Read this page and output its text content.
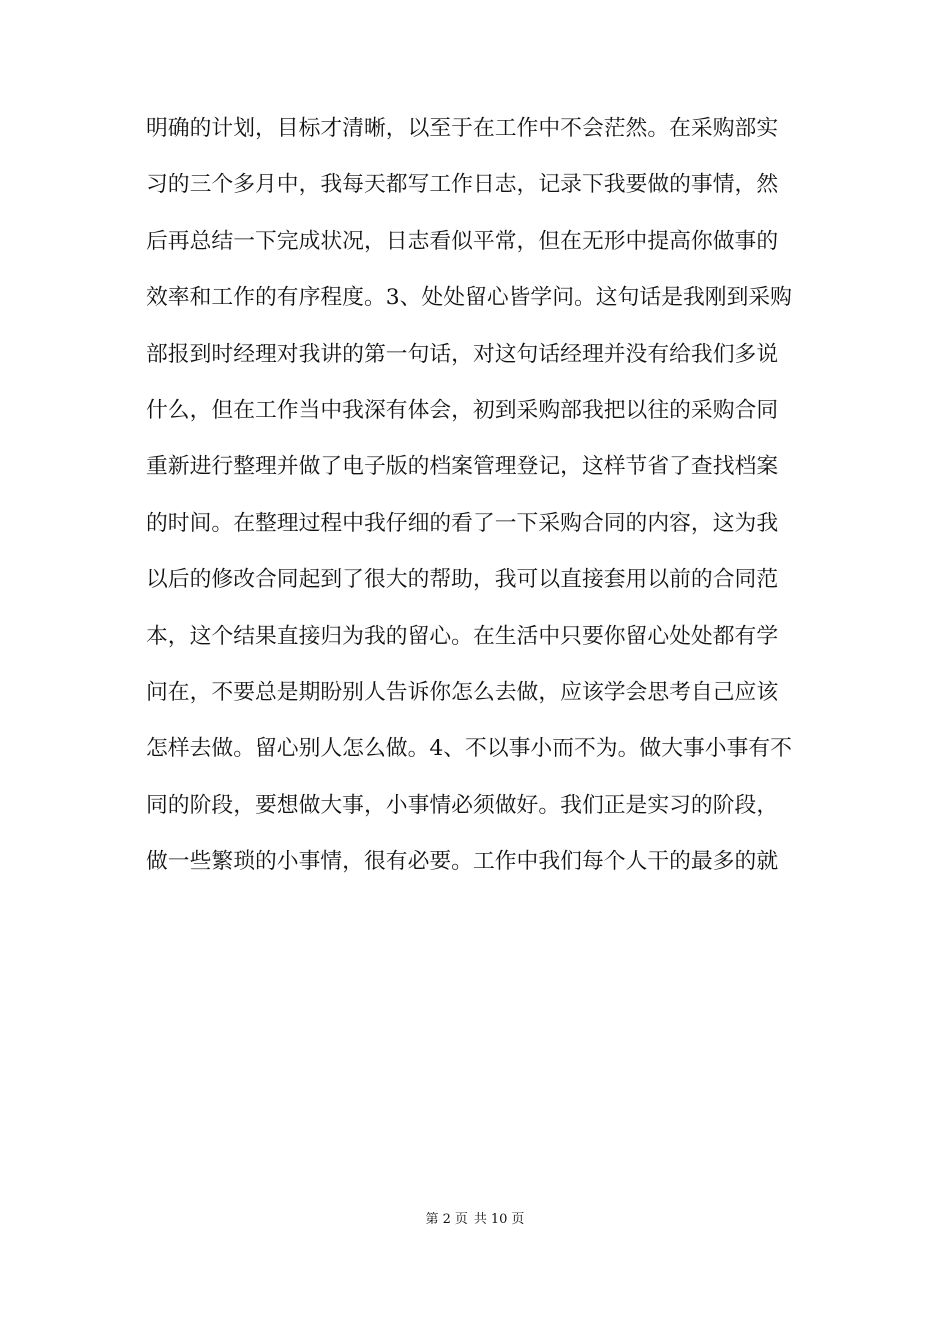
明确的计划，目标才清晰，以至于在工作中不会茫然。在采购部实
习的三个多月中，我每天都写工作日志，记录下我要做的事情，然
后再总结一下完成状况，日志看似平常，但在无形中提高你做事的
效率和工作的有序程度。3、处处留心皆学问。这句话是我刚到采购
部报到时经理对我讲的第一句话，对这句话经理并没有给我们多说
什么，但在工作当中我深有体会，初到采购部我把以往的采购合同
重新进行整理并做了电子版的档案管理登记，这样节省了查找档案
的时间。在整理过程中我仔细的看了一下采购合同的内容，这为我
以后的修改合同起到了很大的帮助，我可以直接套用以前的合同范
本，这个结果直接归为我的留心。在生活中只要你留心处处都有学
问在，不要总是期盼别人告诉你怎么去做，应该学会思考自己应该
怎样去做。留心别人怎么做。4、不以事小而不为。做大事小事有不
同的阶段，要想做大事，小事情必须做好。我们正是实习的阶段，
做一些繁琐的小事情，很有必要。工作中我们每个人干的最多的就
第 2 页 共 10 页
